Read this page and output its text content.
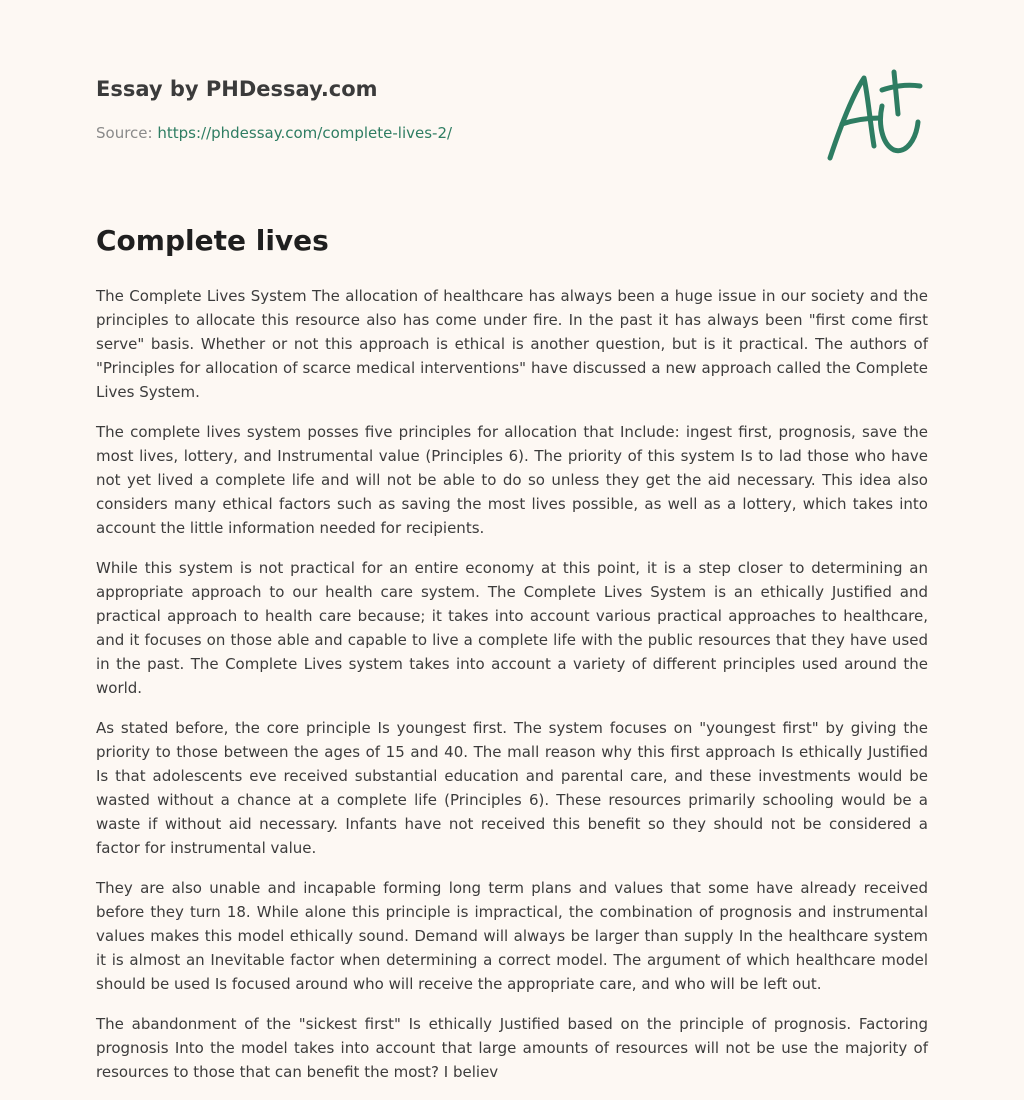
Essay by PHDessay.com
Source: https://phdessay.com/complete-lives-2/
Complete lives

The Complete Lives System The allocation of healthcare has always been a huge issue in our society and the principles to allocate this resource also has come under fire. In the past it has always been "first come first serve" basis. Whether or not this approach is ethical is another question, but is it practical. The authors of "Principles for allocation of scarce medical interventions" have discussed a new approach called the Complete Lives System.

The complete lives system posses five principles for allocation that Include: ingest first, prognosis, save the most lives, lottery, and Instrumental value (Principles 6). The priority of this system Is to lad those who have not yet lived a complete life and will not be able to do so unless they get the aid necessary. This idea also considers many ethical factors such as saving the most lives possible, as well as a lottery, which takes into account the little information needed for recipients.

While this system is not practical for an entire economy at this point, it is a step closer to determining an appropriate approach to our health care system. The Complete Lives System is an ethically Justified and practical approach to health care because; it takes into account various practical approaches to healthcare, and it focuses on those able and capable to live a complete life with the public resources that they have used in the past. The Complete Lives system takes into account a variety of different principles used around the world.

As stated before, the core principle Is youngest first. The system focuses on "youngest first" by giving the priority to those between the ages of 15 and 40. The mall reason why this first approach Is ethically Justified Is that adolescents eve received substantial education and parental care, and these investments would be wasted without a chance at a complete life (Principles 6). These resources primarily schooling would be a waste if without aid necessary. Infants have not received this benefit so they should not be considered a factor for instrumental value.

They are also unable and incapable forming long term plans and values that some have already received before they turn 18. While alone this principle is impractical, the combination of prognosis and instrumental values makes this model ethically sound. Demand will always be larger than supply In the healthcare system it is almost an Inevitable factor when determining a correct model. The argument of which healthcare model should be used Is focused around who will receive the appropriate care, and who will be left out.

The abandonment of the "sickest first" Is ethically Justified based on the principle of prognosis. Factoring prognosis Into the model takes into account that large amounts of resources will not be use the majority of resources to those that can benefit the most? I believ
